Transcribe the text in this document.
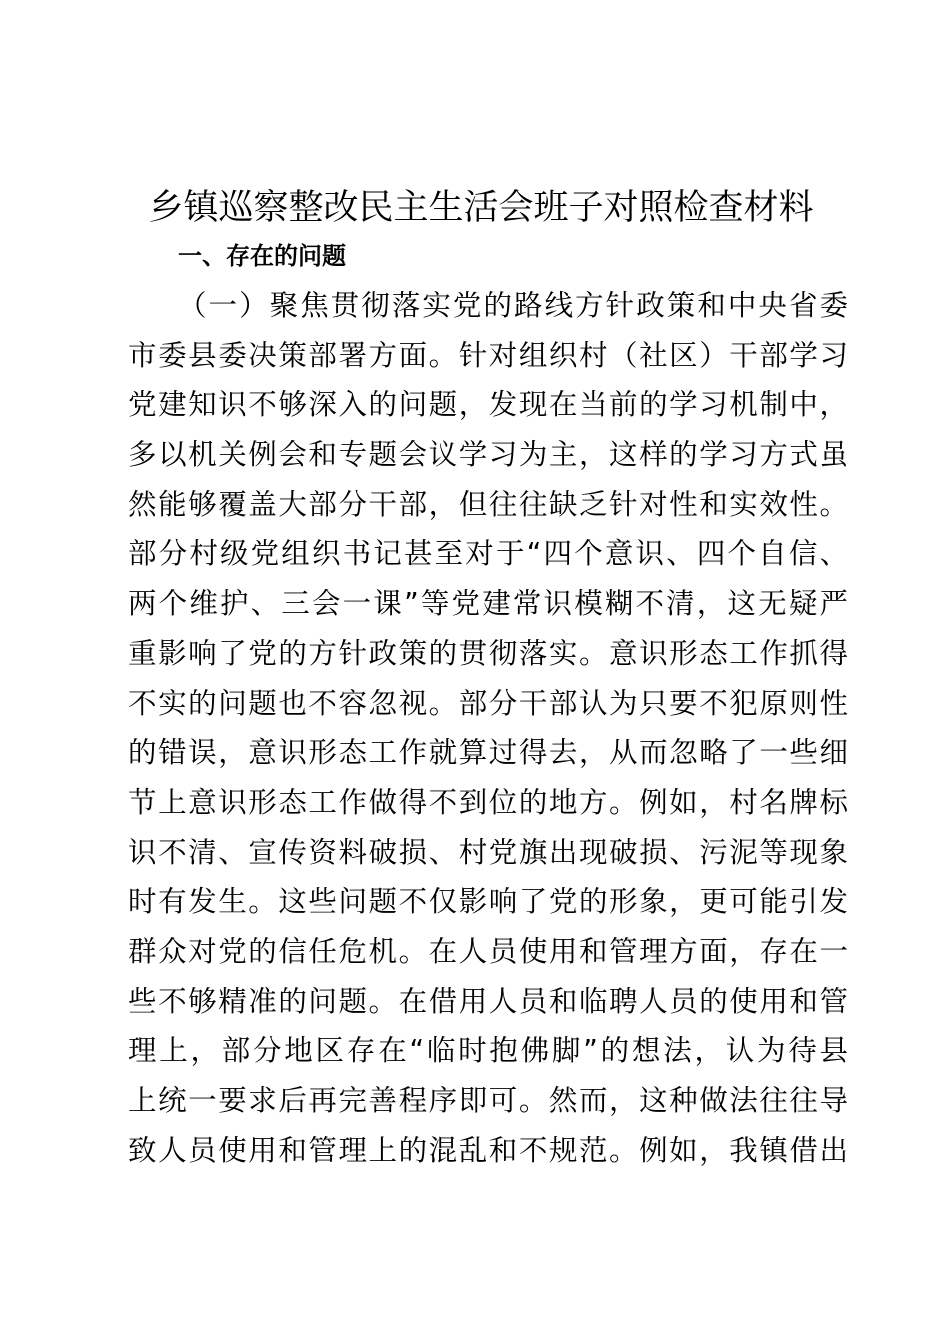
乡镇巡察整改民主生活会班子对照检查材料
一、存在的问题
（一）聚焦贯彻落实党的路线方针政策和中央省委
市委县委决策部署方面。针对组织村（社区）干部学习
党建知识不够深入的问题，发现在当前的学习机制中，
多以机关例会和专题会议学习为主，这样的学习方式虽
然能够覆盖大部分干部，但往往缺乏针对性和实效性。
部分村级党组织书记甚至对于“四个意识、四个自信、
两个维护、三会一课”等党建常识模糊不清，这无疑严
重影响了党的方针政策的贯彻落实。意识形态工作抓得
不实的问题也不容忽视。部分干部认为只要不犯原则性
的错误，意识形态工作就算过得去，从而忽略了一些细
节上意识形态工作做得不到位的地方。例如，村名牌标
识不清、宣传资料破损、村党旗出现破损、污泥等现象
时有发生。这些问题不仅影响了党的形象，更可能引发
群众对党的信任危机。在人员使用和管理方面，存在一
些不够精准的问题。在借用人员和临聘人员的使用和管
理上，部分地区存在“临时抱佛脚”的想法，认为待县
上统一要求后再完善程序即可。然而，这种做法往往导
致人员使用和管理上的混乱和不规范。例如，我镇借出
